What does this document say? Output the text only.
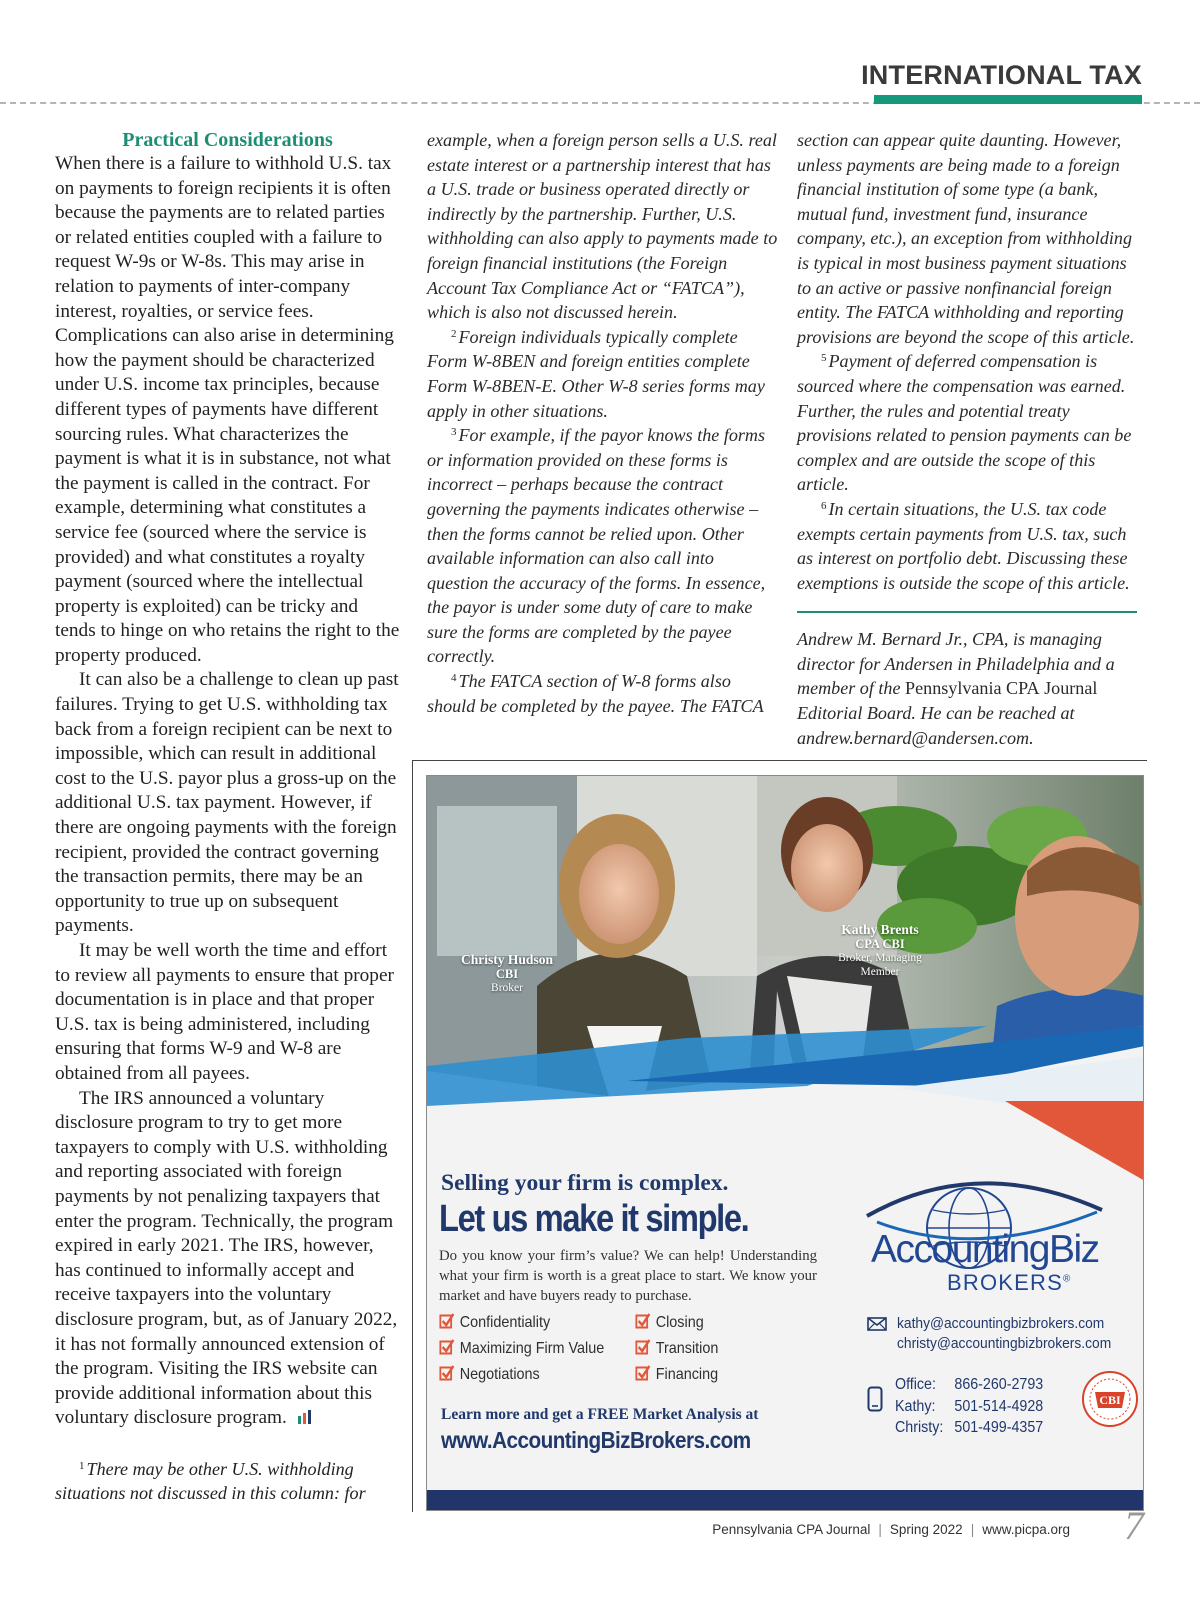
INTERNATIONAL TAX
Practical Considerations

When there is a failure to withhold U.S. tax on payments to foreign recipients it is often because the payments are to related parties or related entities coupled with a failure to request W-9s or W-8s. This may arise in relation to payments of inter-company interest, royalties, or service fees. Complications can also arise in determining how the payment should be characterized under U.S. income tax principles, because different types of payments have different sourcing rules. What characterizes the payment is what it is in substance, not what the payment is called in the contract. For example, determining what constitutes a service fee (sourced where the service is provided) and what constitutes a royalty payment (sourced where the intellectual property is exploited) can be tricky and tends to hinge on who retains the right to the property produced.

It can also be a challenge to clean up past failures. Trying to get U.S. withholding tax back from a foreign recipient can be next to impossible, which can result in additional cost to the U.S. payor plus a gross-up on the additional U.S. tax payment. However, if there are ongoing payments with the foreign recipient, provided the contract governing the transaction permits, there may be an opportunity to true up on subsequent payments.

It may be well worth the time and effort to review all payments to ensure that proper documentation is in place and that proper U.S. tax is being administered, including ensuring that forms W-9 and W-8 are obtained from all payees.

The IRS announced a voluntary disclosure program to try to get more taxpayers to comply with U.S. withholding and reporting associated with foreign payments by not penalizing taxpayers that enter the program. Technically, the program expired in early 2021. The IRS, however, has continued to informally accept and receive taxpayers into the voluntary disclosure program, but, as of January 2022, it has not formally announced extension of the program. Visiting the IRS website can provide additional information about this voluntary disclosure program.

$^1$ There may be other U.S. withholding situations not discussed in this column: for
example, when a foreign person sells a U.S. real estate interest or a partnership interest that has a U.S. trade or business operated directly or indirectly by the partnership. Further, U.S. withholding can also apply to payments made to foreign financial institutions (the Foreign Account Tax Compliance Act or “FATCA”), which is also not discussed herein.
$^2$ Foreign individuals typically complete Form W-8BEN and foreign entities complete Form W-8BEN-E. Other W-8 series forms may apply in other situations.
$^3$ For example, if the payor knows the forms or information provided on these forms is incorrect – perhaps because the contract governing the payments indicates otherwise – then the forms cannot be relied upon. Other available information can also call into question the accuracy of the forms. In essence, the payor is under some duty of care to make sure the forms are completed by the payee correctly.
$^4$ The FATCA section of W-8 forms also should be completed by the payee. The FATCA
section can appear quite daunting. However, unless payments are being made to a foreign financial institution of some type (a bank, mutual fund, investment fund, insurance company, etc.), an exception from withholding is typical in most business payment situations to an active or passive nonfinancial foreign entity. The FATCA withholding and reporting provisions are beyond the scope of this article.
$^5$ Payment of deferred compensation is sourced where the compensation was earned. Further, the rules and potential treaty provisions related to pension payments can be complex and are outside the scope of this article.
$^6$ In certain situations, the U.S. tax code exempts certain payments from U.S. tax, such as interest on portfolio debt. Discussing these exemptions is outside the scope of this article.
Andrew M. Bernard Jr., CPA, is managing director for Andersen in Philadelphia and a member of the Pennsylvania CPA Journal Editorial Board. He can be reached at andrew.bernard@andersen.com.
Christy Hudson
CBI
Broker
Kathy Brents
CPA CBI
Broker, Managing
Member
Selling your firm is complex.
Let us make it simple.
Do you know your firm’s value? We can help! Understanding what your firm is worth is a great place to start. We know your market and have buyers ready to purchase.
Confidentiality
Maximizing Firm Value
Negotiations
Closing
Transition
Financing
Learn more and get a FREE Market Analysis at
www.AccountingBizBrokers.com
AccountingBiz
BROKERS®
kathy@accountingbizbrokers.com
christy@accountingbizbrokers.com
Office:	866-260-2793
Kathy:	501-514-4928
Christy:	501-499-4357
CBI
Pennsylvania CPA Journal | Spring 2022 | www.picpa.org 7
